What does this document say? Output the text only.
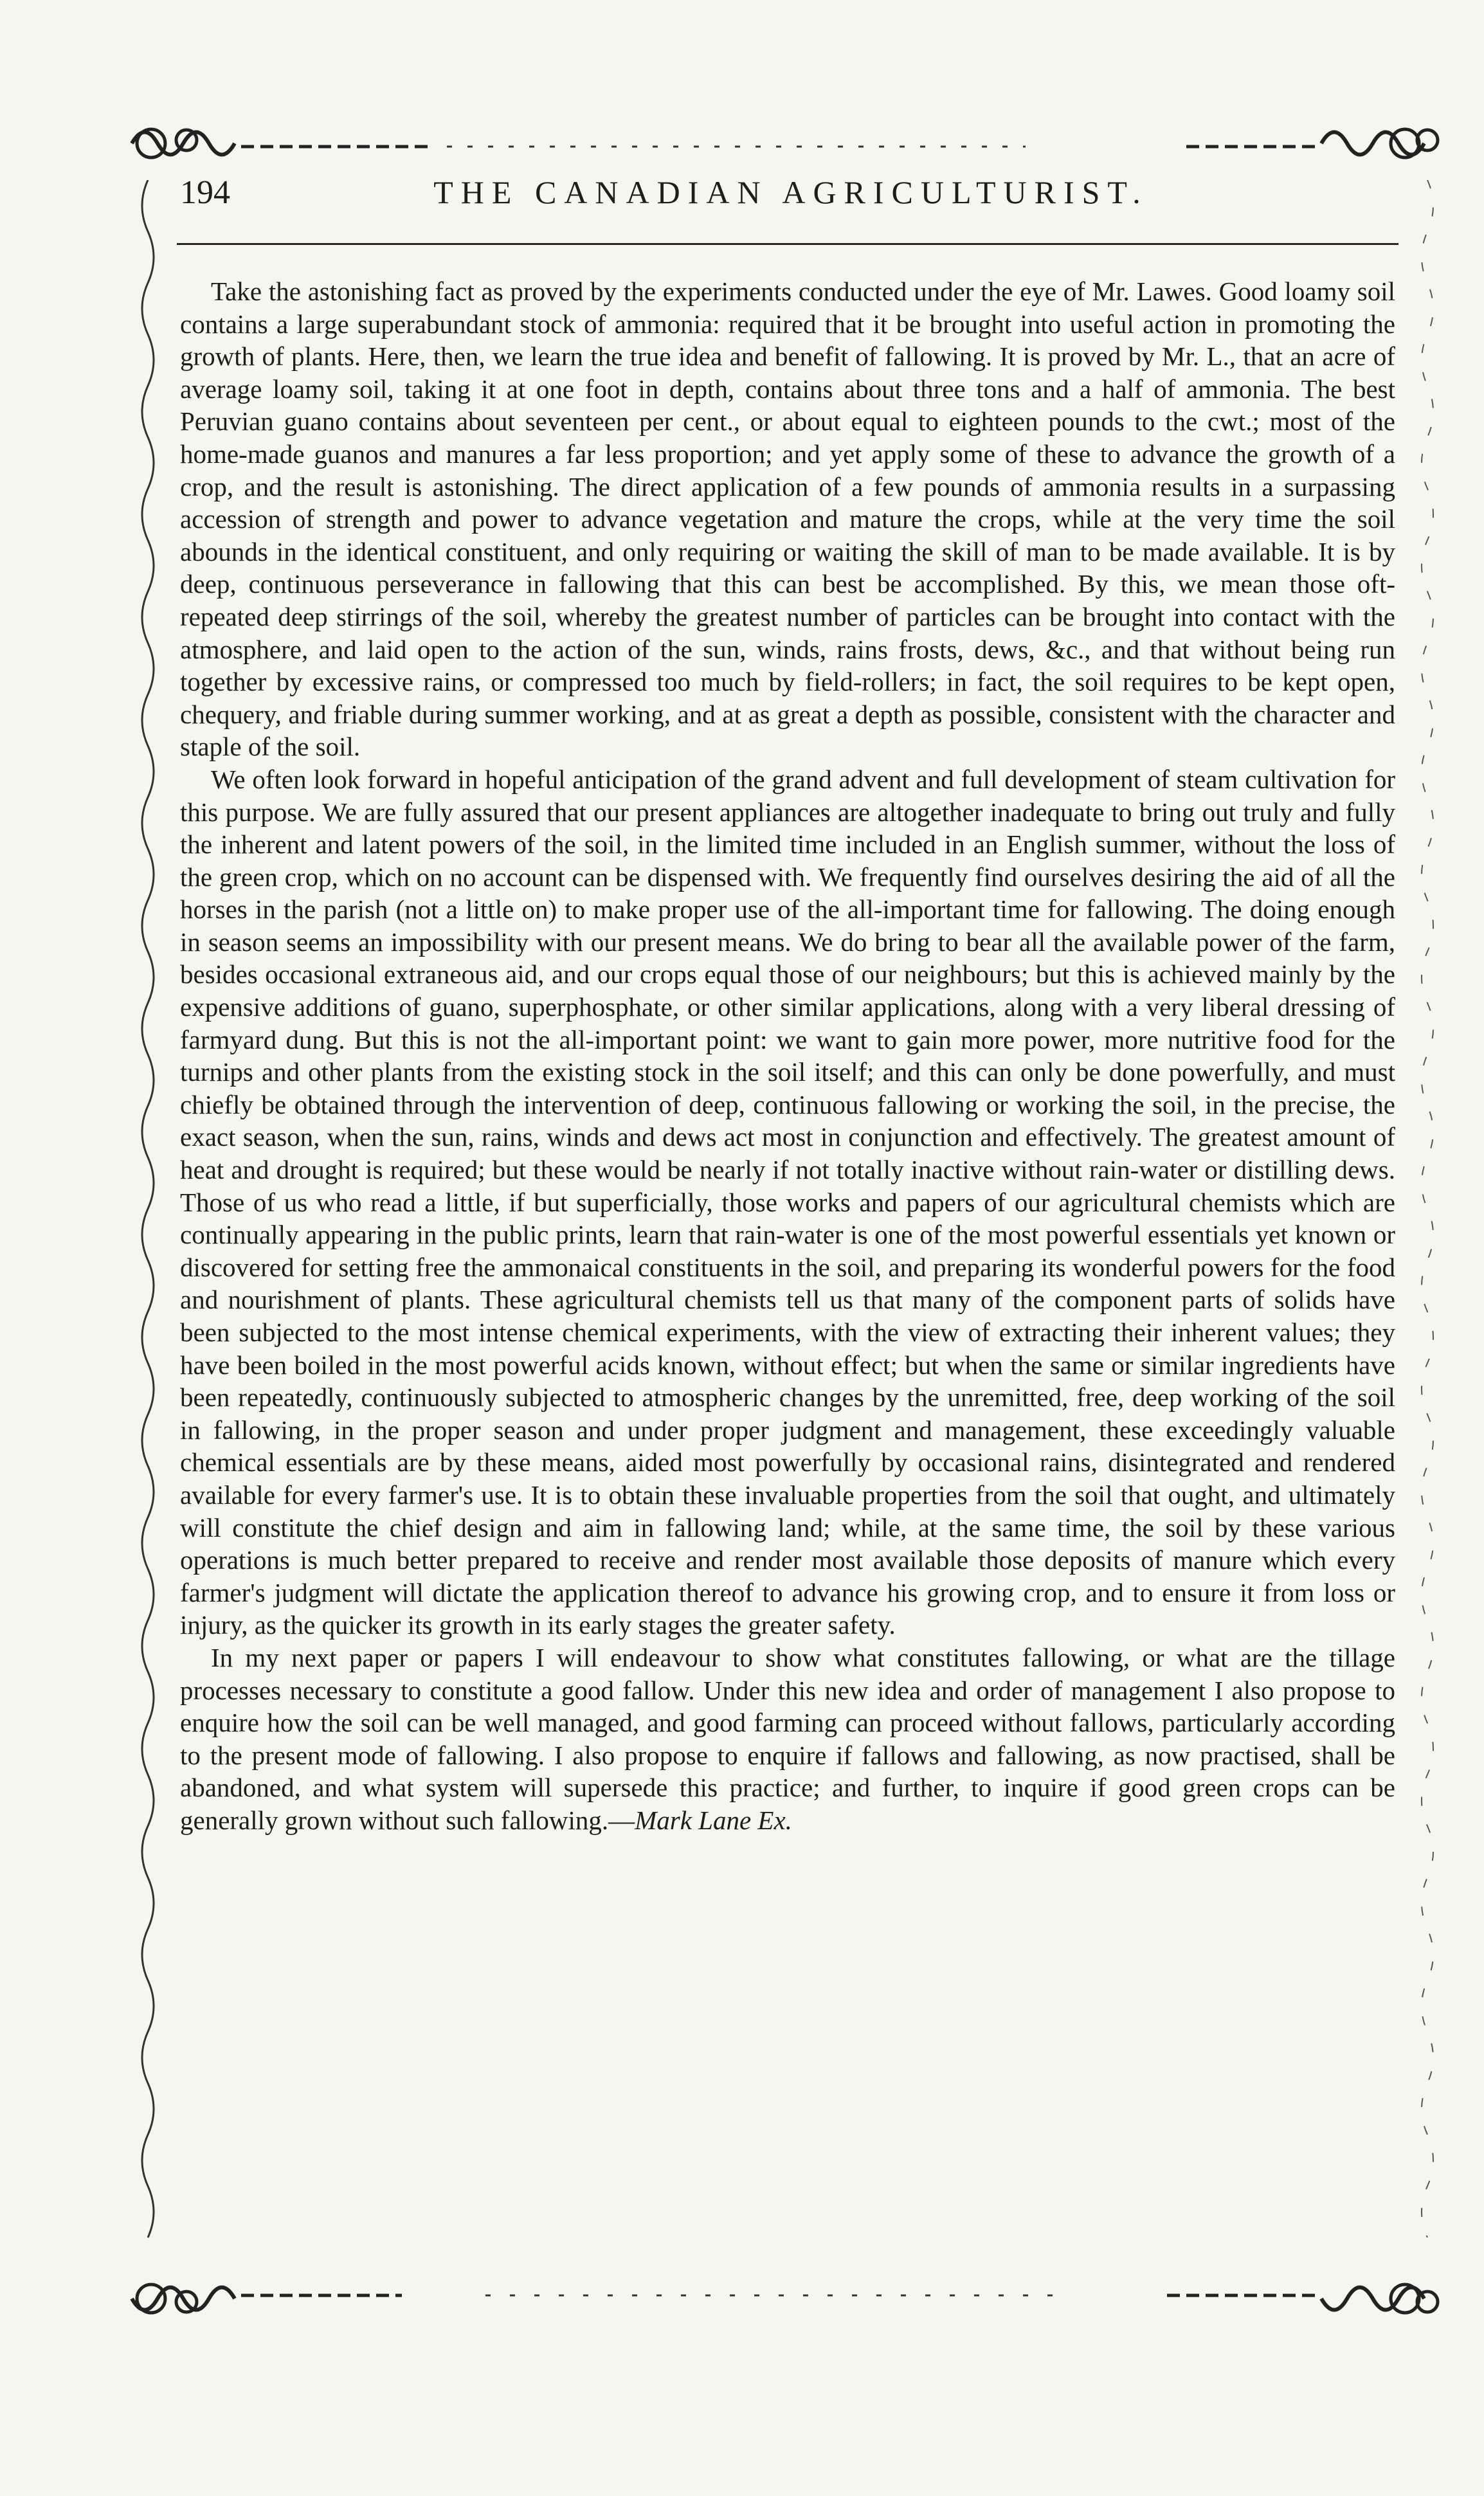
194	THE CANADIAN AGRICULTURIST.

Take the astonishing fact as proved by the experiments conducted under the eye of Mr. Lawes. Good loamy soil contains a large superabundant stock of ammonia: required that it be brought into useful action in promoting the growth of plants. Here, then, we learn the true idea and benefit of fallowing. It is proved by Mr. L., that an acre of average loamy soil, taking it at one foot in depth, contains about three tons and a half of ammonia. The best Peruvian guano contains about seventeen per cent., or about equal to eighteen pounds to the cwt.; most of the home-made guanos and manures a far less proportion; and yet apply some of these to advance the growth of a crop, and the result is astonishing. The direct application of a few pounds of ammonia results in a surpassing accession of strength and power to advance vegetation and mature the crops, while at the very time the soil abounds in the identical constituent, and only requiring or waiting the skill of man to be made available. It is by deep, continuous perseverance in fallowing that this can best be accomplished. By this, we mean those oft-repeated deep stirrings of the soil, whereby the greatest number of particles can be brought into contact with the atmosphere, and laid open to the action of the sun, winds, rains frosts, dews, &c., and that without being run together by excessive rains, or compressed too much by field-rollers; in fact, the soil requires to be kept open, chequery, and friable during summer working, and at as great a depth as possible, consistent with the character and staple of the soil.

We often look forward in hopeful anticipation of the grand advent and full development of steam cultivation for this purpose. We are fully assured that our present appliances are altogether inadequate to bring out truly and fully the inherent and latent powers of the soil, in the limited time included in an English summer, without the loss of the green crop, which on no account can be dispensed with. We frequently find ourselves desiring the aid of all the horses in the parish (not a little on) to make proper use of the all-important time for fallowing. The doing enough in season seems an impossibility with our present means. We do bring to bear all the available power of the farm, besides occasional extraneous aid, and our crops equal those of our neighbours; but this is achieved mainly by the expensive additions of guano, superphosphate, or other similar applications, along with a very liberal dressing of farmyard dung. But this is not the all-important point: we want to gain more power, more nutritive food for the turnips and other plants from the existing stock in the soil itself; and this can only be done powerfully, and must chiefly be obtained through the intervention of deep, continuous fallowing or working the soil, in the precise, the exact season, when the sun, rains, winds and dews act most in conjunction and effectively. The greatest amount of heat and drought is required; but these would be nearly if not totally inactive without rain-water or distilling dews. Those of us who read a little, if but superficially, those works and papers of our agricultural chemists which are continually appearing in the public prints, learn that rain-water is one of the most powerful essentials yet known or discovered for setting free the ammonaical constituents in the soil, and preparing its wonderful powers for the food and nourishment of plants. These agricultural chemists tell us that many of the component parts of solids have been subjected to the most intense chemical experiments, with the view of extracting their inherent values; they have been boiled in the most powerful acids known, without effect; but when the same or similar ingredients have been repeatedly, continuously subjected to atmospheric changes by the unremitted, free, deep working of the soil in fallowing, in the proper season and under proper judgment and management, these exceedingly valuable chemical essentials are by these means, aided most powerfully by occasional rains, disintegrated and rendered available for every farmer's use. It is to obtain these invaluable properties from the soil that ought, and ultimately will constitute the chief design and aim in fallowing land; while, at the same time, the soil by these various operations is much better prepared to receive and render most available those deposits of manure which every farmer's judgment will dictate the application thereof to advance his growing crop, and to ensure it from loss or injury, as the quicker its growth in its early stages the greater safety.

In my next paper or papers I will endeavour to show what constitutes fallowing, or what are the tillage processes necessary to constitute a good fallow. Under this new idea and order of management I also propose to enquire how the soil can be well managed, and good farming can proceed without fallows, particularly according to the present mode of fallowing. I also propose to enquire if fallows and fallowing, as now practised, shall be abandoned, and what system will supersede this practice; and further, to inquire if good green crops can be generally grown without such fallowing.—Mark Lane Ex.
